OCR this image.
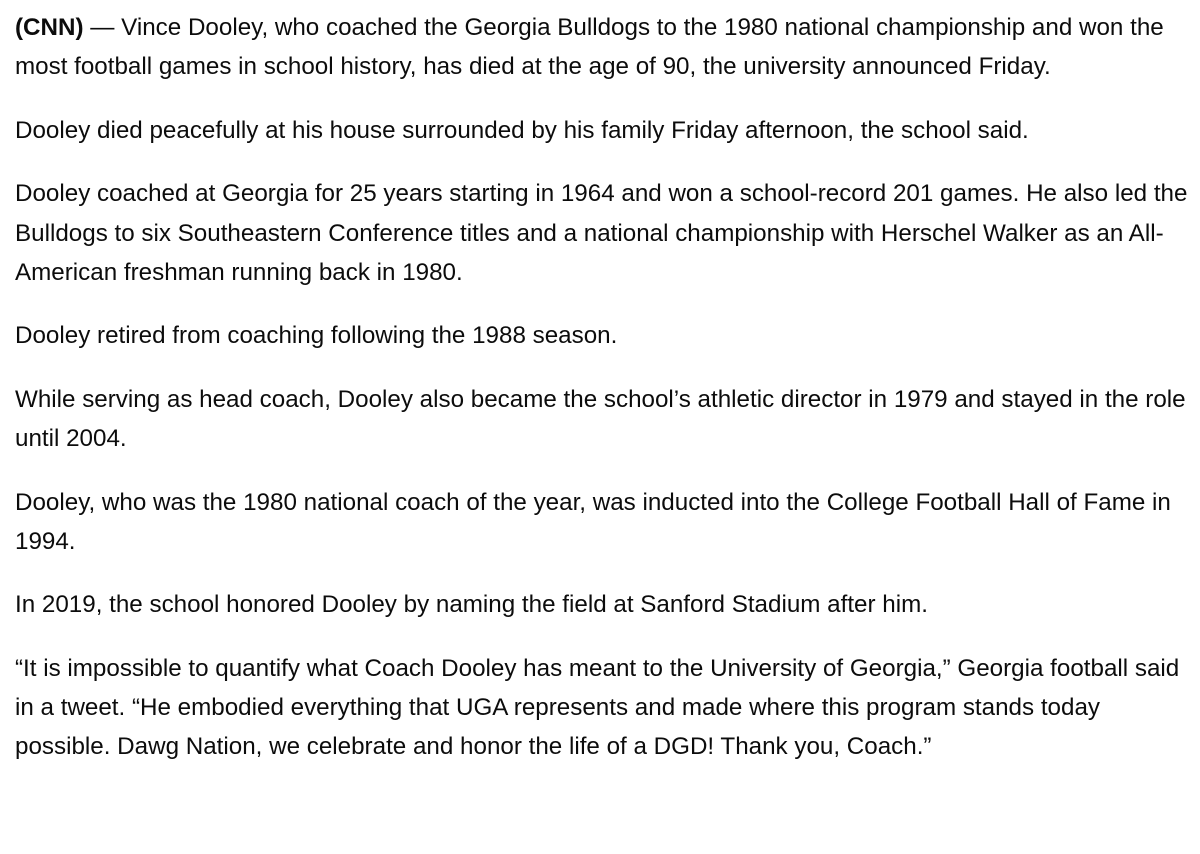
(CNN) — Vince Dooley, who coached the Georgia Bulldogs to the 1980 national championship and won the most football games in school history, has died at the age of 90, the university announced Friday.

Dooley died peacefully at his house surrounded by his family Friday afternoon, the school said.

Dooley coached at Georgia for 25 years starting in 1964 and won a school-record 201 games. He also led the Bulldogs to six Southeastern Conference titles and a national championship with Herschel Walker as an All-American freshman running back in 1980.

Dooley retired from coaching following the 1988 season.

While serving as head coach, Dooley also became the school’s athletic director in 1979 and stayed in the role until 2004.

Dooley, who was the 1980 national coach of the year, was inducted into the College Football Hall of Fame in 1994.

In 2019, the school honored Dooley by naming the field at Sanford Stadium after him.

“It is impossible to quantify what Coach Dooley has meant to the University of Georgia,” Georgia football said in a tweet. “He embodied everything that UGA represents and made where this program stands today possible. Dawg Nation, we celebrate and honor the life of a DGD! Thank you, Coach.”
